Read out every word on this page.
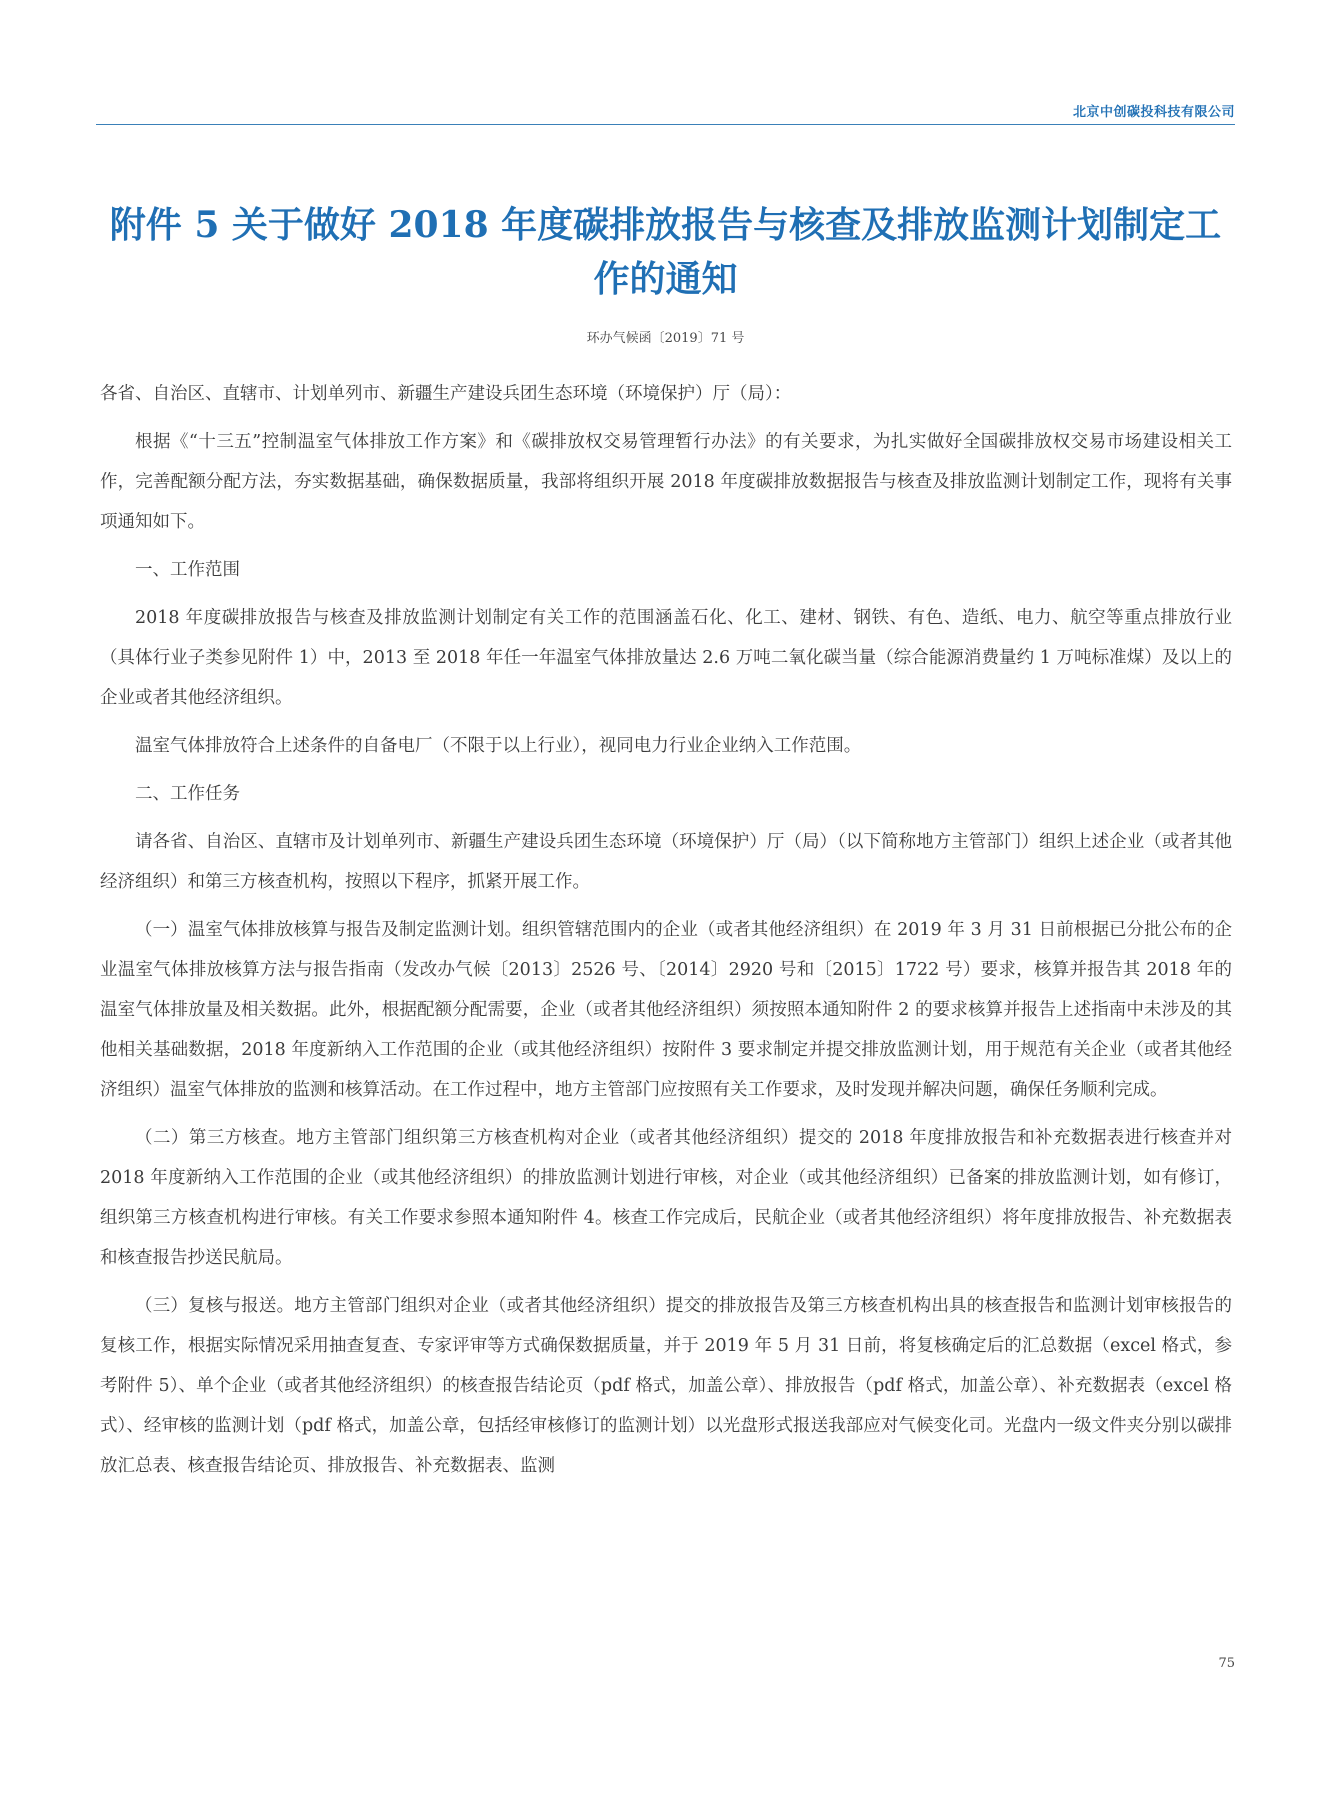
北京中创碳投科技有限公司
附件 5 关于做好 2018 年度碳排放报告与核查及排放监测计划制定工作的通知
环办气候函〔2019〕71 号

各省、自治区、直辖市、计划单列市、新疆生产建设兵团生态环境（环境保护）厅（局）：

根据《“十三五”控制温室气体排放工作方案》和《碳排放权交易管理暂行办法》的有关要求，为扎实做好全国碳排放权交易市场建设相关工作，完善配额分配方法，夯实数据基础，确保数据质量，我部将组织开展 2018 年度碳排放数据报告与核查及排放监测计划制定工作，现将有关事项通知如下。

一、工作范围

2018 年度碳排放报告与核查及排放监测计划制定有关工作的范围涵盖石化、化工、建材、钢铁、有色、造纸、电力、航空等重点排放行业（具体行业子类参见附件 1）中，2013 至 2018 年任一年温室气体排放量达 2.6 万吨二氧化碳当量（综合能源消费量约 1 万吨标准煤）及以上的企业或者其他经济组织。

温室气体排放符合上述条件的自备电厂（不限于以上行业），视同电力行业企业纳入工作范围。

二、工作任务

请各省、自治区、直辖市及计划单列市、新疆生产建设兵团生态环境（环境保护）厅（局）（以下简称地方主管部门）组织上述企业（或者其他经济组织）和第三方核查机构，按照以下程序，抓紧开展工作。

（一）温室气体排放核算与报告及制定监测计划。组织管辖范围内的企业（或者其他经济组织）在 2019 年 3 月 31 日前根据已分批公布的企业温室气体排放核算方法与报告指南（发改办气候〔2013〕2526 号、〔2014〕2920 号和〔2015〕1722 号）要求，核算并报告其 2018 年的温室气体排放量及相关数据。此外，根据配额分配需要，企业（或者其他经济组织）须按照本通知附件 2 的要求核算并报告上述指南中未涉及的其他相关基础数据，2018 年度新纳入工作范围的企业（或其他经济组织）按附件 3 要求制定并提交排放监测计划，用于规范有关企业（或者其他经济组织）温室气体排放的监测和核算活动。在工作过程中，地方主管部门应按照有关工作要求，及时发现并解决问题，确保任务顺利完成。

（二）第三方核查。地方主管部门组织第三方核查机构对企业（或者其他经济组织）提交的 2018 年度排放报告和补充数据表进行核查并对 2018 年度新纳入工作范围的企业（或其他经济组织）的排放监测计划进行审核，对企业（或其他经济组织）已备案的排放监测计划，如有修订，组织第三方核查机构进行审核。有关工作要求参照本通知附件 4。核查工作完成后，民航企业（或者其他经济组织）将年度排放报告、补充数据表和核查报告抄送民航局。

（三）复核与报送。地方主管部门组织对企业（或者其他经济组织）提交的排放报告及第三方核查机构出具的核查报告和监测计划审核报告的复核工作，根据实际情况采用抽查复查、专家评审等方式确保数据质量，并于 2019 年 5 月 31 日前，将复核确定后的汇总数据（excel 格式，参考附件 5）、单个企业（或者其他经济组织）的核查报告结论页（pdf 格式，加盖公章）、排放报告（pdf 格式，加盖公章）、补充数据表（excel 格式）、经审核的监测计划（pdf 格式，加盖公章，包括经审核修订的监测计划）以光盘形式报送我部应对气候变化司。光盘内一级文件夹分别以碳排放汇总表、核查报告结论页、排放报告、补充数据表、监测

75
